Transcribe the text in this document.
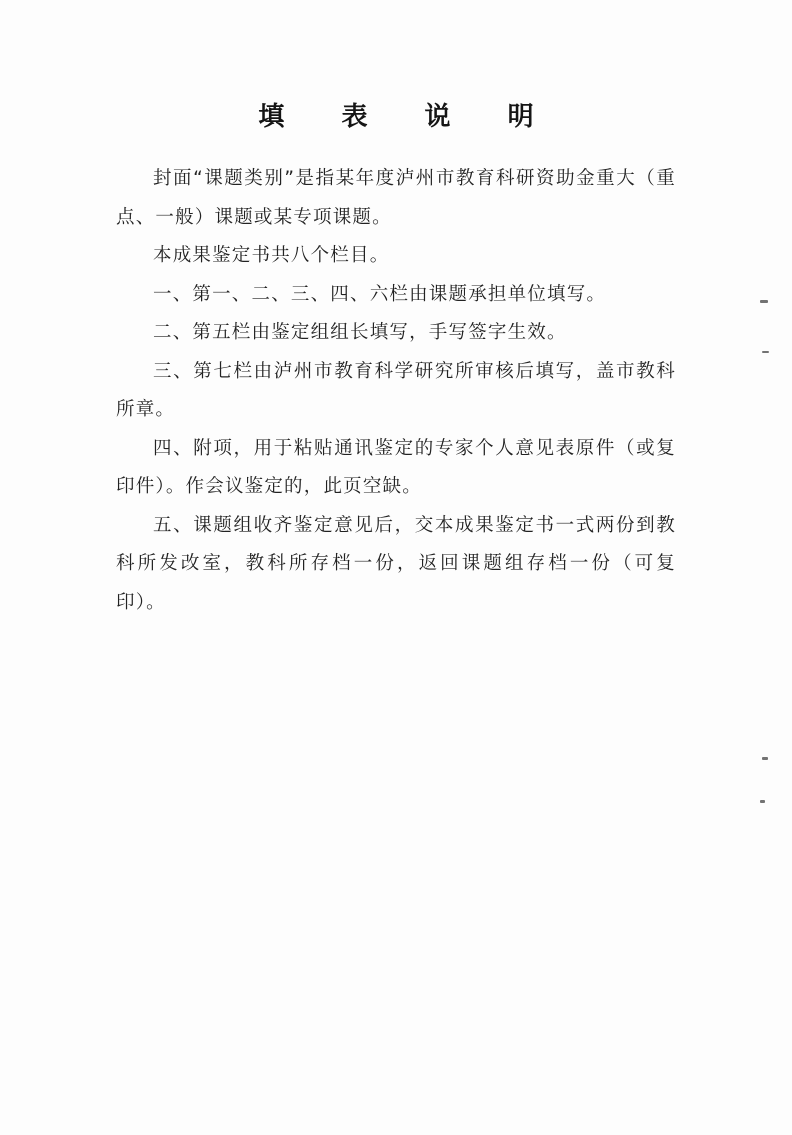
填 表 说 明

封面“课题类别”是指某年度泸州市教育科研资助金重大（重点、一般）课题或某专项课题。

本成果鉴定书共八个栏目。

一、第一、二、三、四、六栏由课题承担单位填写。

二、第五栏由鉴定组组长填写，手写签字生效。

三、第七栏由泸州市教育科学研究所审核后填写，盖市教科所章。

四、附项，用于粘贴通讯鉴定的专家个人意见表原件（或复印件）。作会议鉴定的，此页空缺。

五、课题组收齐鉴定意见后，交本成果鉴定书一式两份到教科所发改室，教科所存档一份，返回课题组存档一份（可复印）。
